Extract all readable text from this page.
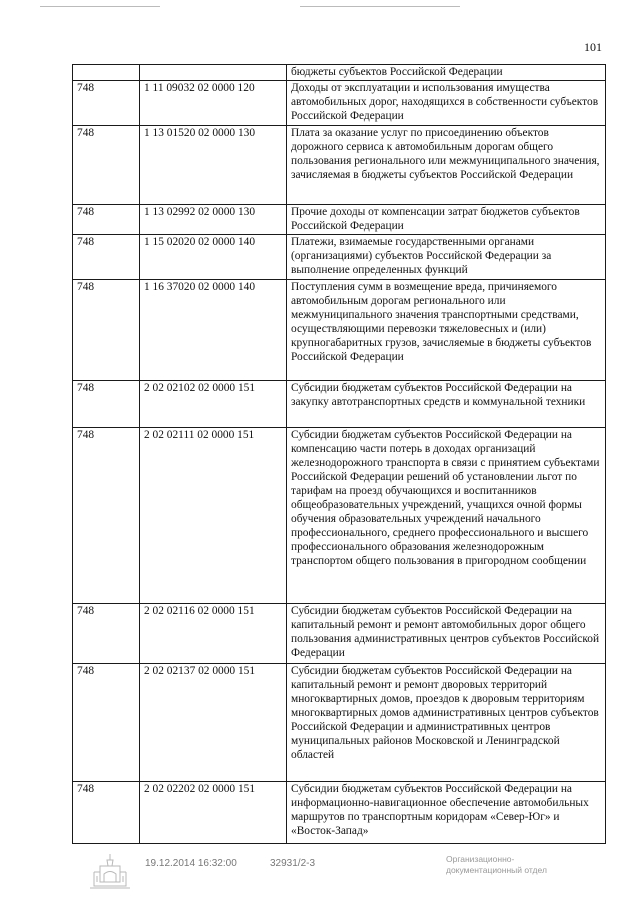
101
		бюджеты субъектов Российской Федерации
748	1 11 09032 02 0000 120	Доходы от эксплуатации и использования имущества автомобильных дорог, находящихся в собственности субъектов Российской Федерации
748	1 13 01520 02 0000 130	Плата за оказание услуг по присоединению объектов дорожного сервиса к автомобильным дорогам общего пользования регионального или межмуниципального значения, зачисляемая в бюджеты субъектов Российской Федерации
748	1 13 02992 02 0000 130	Прочие доходы от компенсации затрат бюджетов субъектов Российской Федерации
748	1 15 02020 02 0000 140	Платежи, взимаемые государственными органами (организациями) субъектов Российской Федерации за выполнение определенных функций
748	1 16 37020 02 0000 140	Поступления сумм в возмещение вреда, причиняемого автомобильным дорогам регионального или межмуниципального значения транспортными средствами, осуществляющими перевозки тяжеловесных и (или) крупногабаритных грузов, зачисляемые в бюджеты субъектов Российской Федерации
748	2 02 02102 02 0000 151	Субсидии бюджетам субъектов Российской Федерации на закупку автотранспортных средств и коммунальной техники
748	2 02 02111 02 0000 151	Субсидии бюджетам субъектов Российской Федерации на компенсацию части потерь в доходах организаций железнодорожного транспорта в связи с принятием субъектами Российской Федерации решений об установлении льгот по тарифам на проезд обучающихся и воспитанников общеобразовательных учреждений, учащихся очной формы обучения образовательных учреждений начального профессионального, среднего профессионального и высшего профессионального образования железнодорожным транспортом общего пользования в пригородном сообщении
748	2 02 02116 02 0000 151	Субсидии бюджетам субъектов Российской Федерации на капитальный ремонт и ремонт автомобильных дорог общего пользования административных центров субъектов Российской Федерации
748	2 02 02137 02 0000 151	Субсидии бюджетам субъектов Российской Федерации на капитальный ремонт и ремонт дворовых территорий многоквартирных домов, проездов к дворовым территориям многоквартирных домов административных центров субъектов Российской Федерации и административных центров муниципальных районов Московской и Ленинградской областей
748	2 02 02202 02 0000 151	Субсидии бюджетам субъектов Российской Федерации на информационно-навигационное обеспечение автомобильных маршрутов по транспортным коридорам «Север-Юг» и «Восток-Запад»
19.12.2014 16:32:00	32931/2-3	Организационно-
документационный отдел
